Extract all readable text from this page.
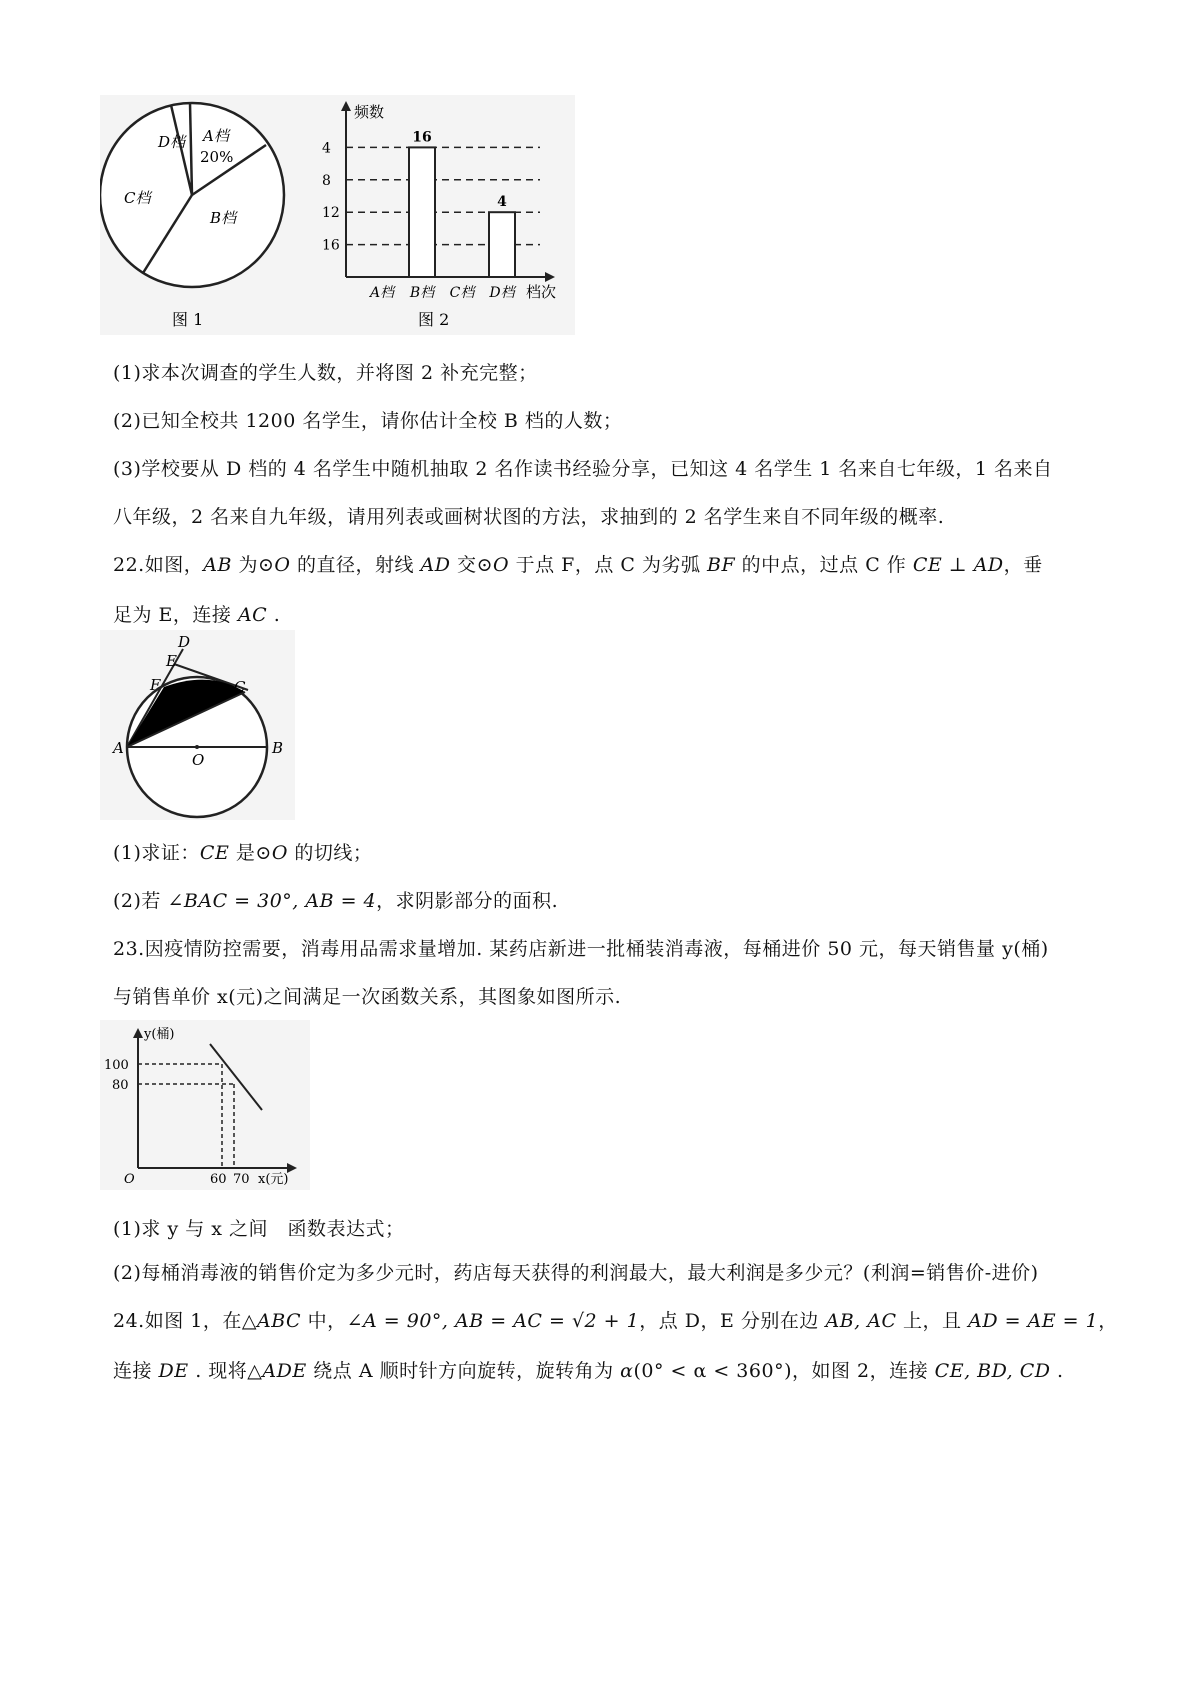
D档 A档
20%
C档
B档
图 1
频数
档次
图 2
4
8
12
16
A档
16
B档 C档
4
D档
(1)求本次调查的学生人数，并将图 2 补充完整；
(2)已知全校共 1200 名学生，请你估计全校 B 档的人数；
(3)学校要从 D 档的 4 名学生中随机抽取 2 名作读书经验分享，已知这 4 名学生 1 名来自七年级，1 名来自
八年级，2 名来自九年级，请用列表或画树状图的方法，求抽到的 2 名学生来自不同年级的概率.
22.如图，AB 为⊙O 的直径，射线 AD 交⊙O 于点 F，点 C 为劣弧 BF 的中点，过点 C 作 CE ⊥ AD，垂
足为 E，连接 AC .
D
E
F	C
A	B
O
(1)求证：CE 是⊙O 的切线；
(2)若 ∠BAC = 30°, AB = 4，求阴影部分的面积.
23.因疫情防控需要，消毒用品需求量增加. 某药店新进一批桶装消毒液，每桶进价 50 元，每天销售量 y(桶)
与销售单价 x(元)之间满足一次函数关系，其图象如图所示.
y(桶)
100
80
O	60 70 x(元)
(1)求 y 与 x 之间　函数表达式；
(2)每桶消毒液的销售价定为多少元时，药店每天获得的利润最大，最大利润是多少元？(利润=销售价-进价)
24.如图 1，在△ABC 中，∠A = 90°, AB = AC = √2 + 1，点 D，E 分别在边 AB, AC 上，且 AD = AE = 1，
连接 DE . 现将△ADE 绕点 A 顺时针方向旋转，旋转角为 α(0° < α < 360°)，如图 2，连接 CE, BD, CD .
